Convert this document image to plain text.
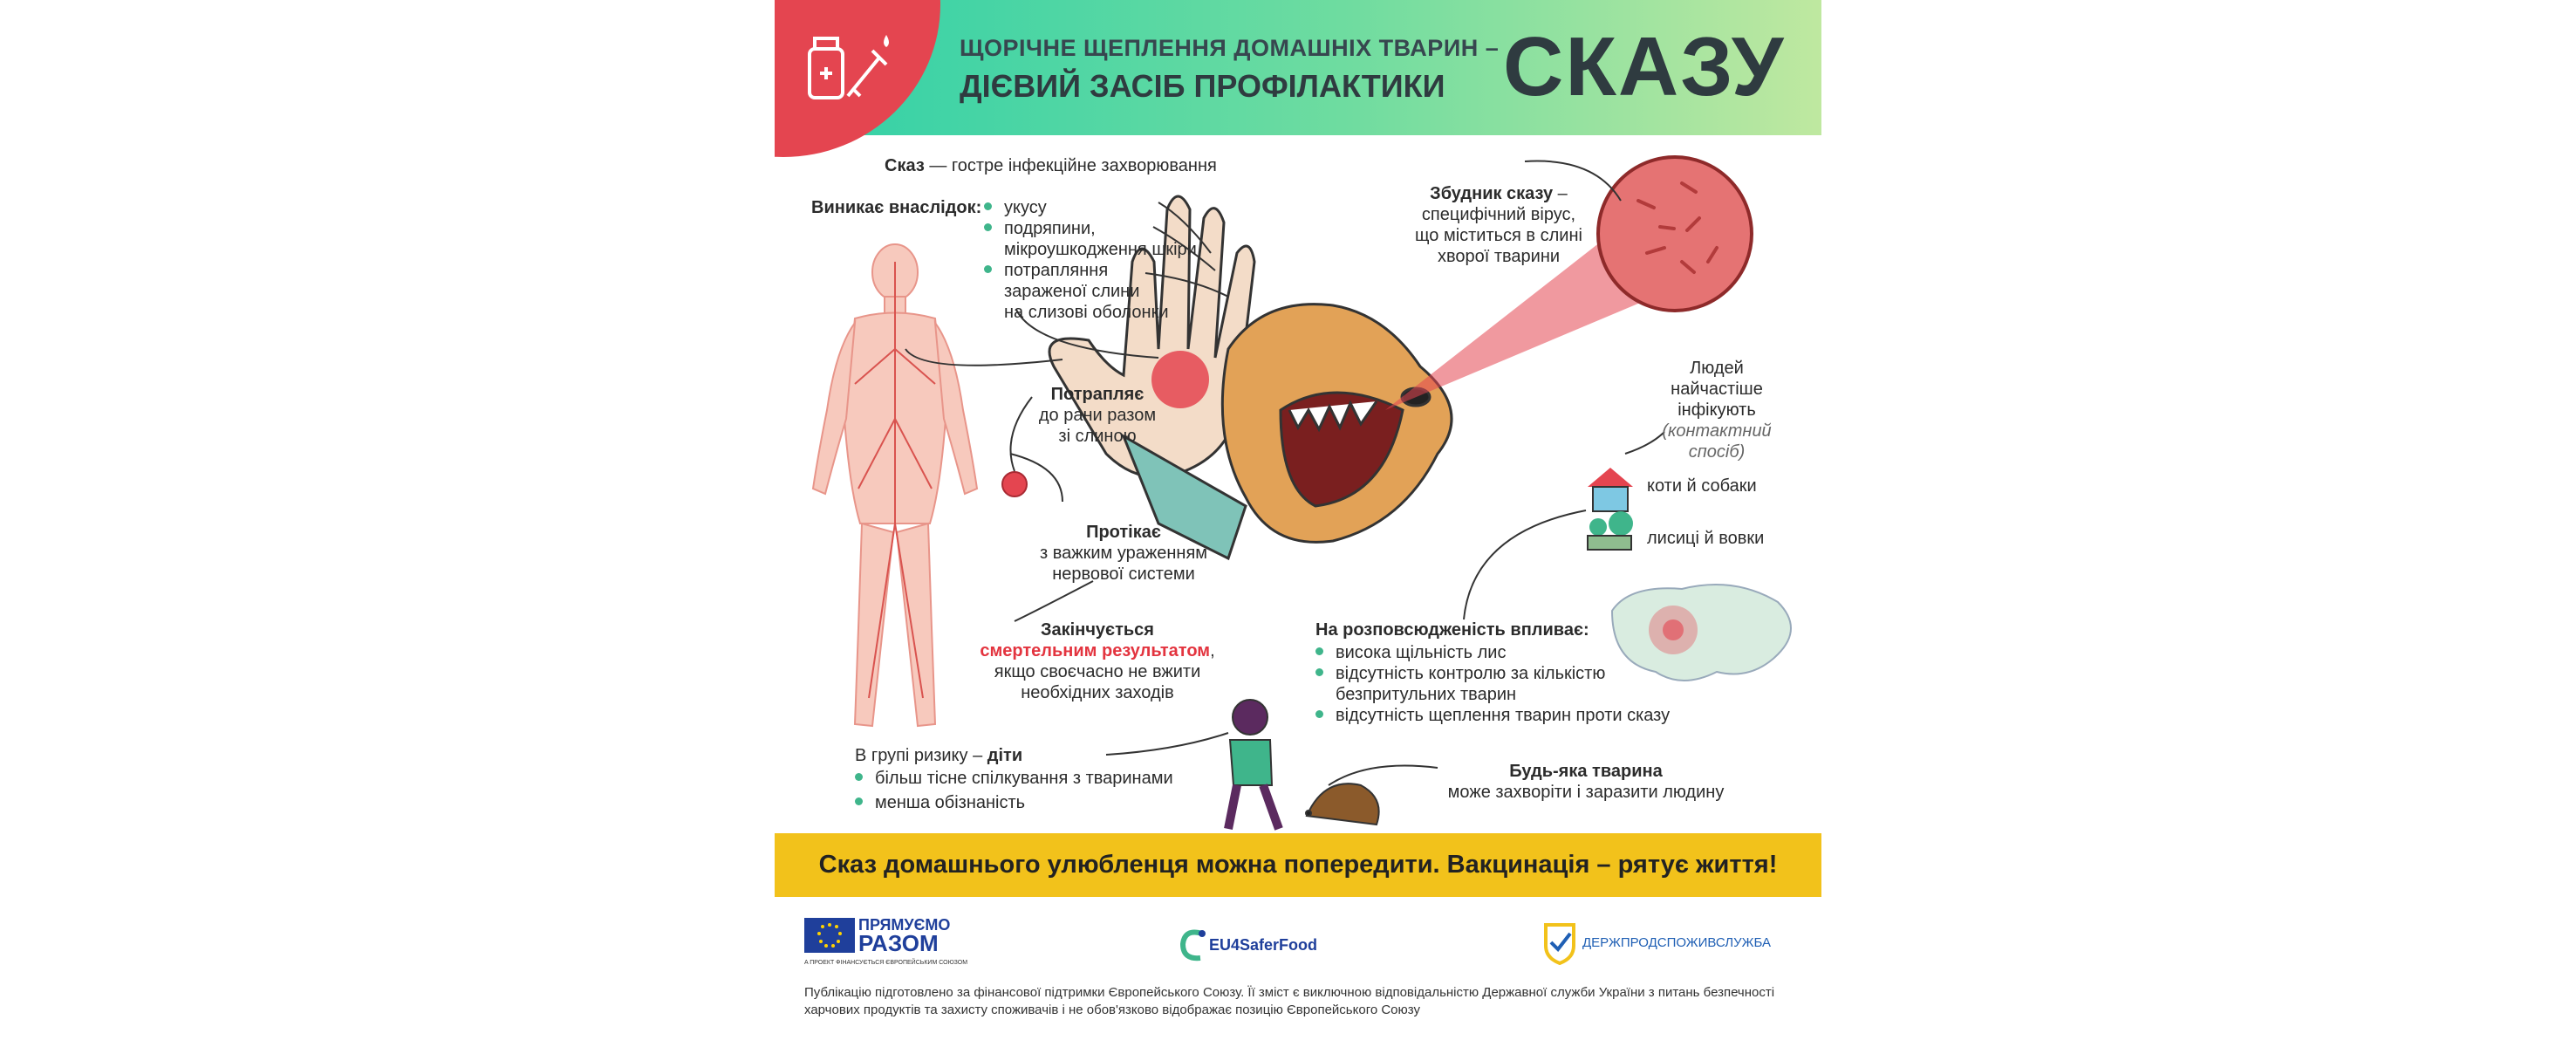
ЩОРІЧНЕ ЩЕПЛЕННЯ ДОМАШНІХ ТВАРИН –
ДІЄВИЙ ЗАСІБ ПРОФІЛАКТИКИ СКАЗУ
Сказ — гостре інфекційне захворювання
Виникає внаслідок:	укусу
подряпини,
мікроушкодження шкіри
потрапляння
зараженої слини
на слизові оболонки
Збудник сказу –
специфічний вірус,
що міститься в слині
хворої тварини
Потрапляє
до рани разом
зі слиною
Протікає
з важким ураженням
нервової системи
Закінчується
смертельним результатом,
якщо своєчасно не вжити
необхідних заходів
Людей
найчастіше
інфікують
(контактний
спосіб)
коти й собаки
лисиці й вовки
На розповсюдженість впливає:
висока щільність лис
відсутність контролю за кількістю
безпритульних тварин
відсутність щеплення тварин проти сказу
В групі ризику – діти
більш тісне спілкування з тваринами
менша обізнаність
Будь-яка тварина
може захворіти і заразити людину
Сказ домашнього улюбленця можна попередити. Вакцинація – рятує життя!
ПРЯМУЄМО
РАЗОМ
A ПРОЕКТ ФІНАНСУЄТЬСЯ ЄВРОПЕЙСЬКИМ СОЮЗОМ
EU4SaferFood	ДЕРЖПРОДСПОЖИВСЛУЖБА
Публікацію підготовлено за фінансової підтримки Європейського Союзу. Її зміст є виключною відповідальністю Державної служби України з питань безпечності харчових продуктів та захисту споживачів і не обов'язково відображає позицію Європейського Союзу
